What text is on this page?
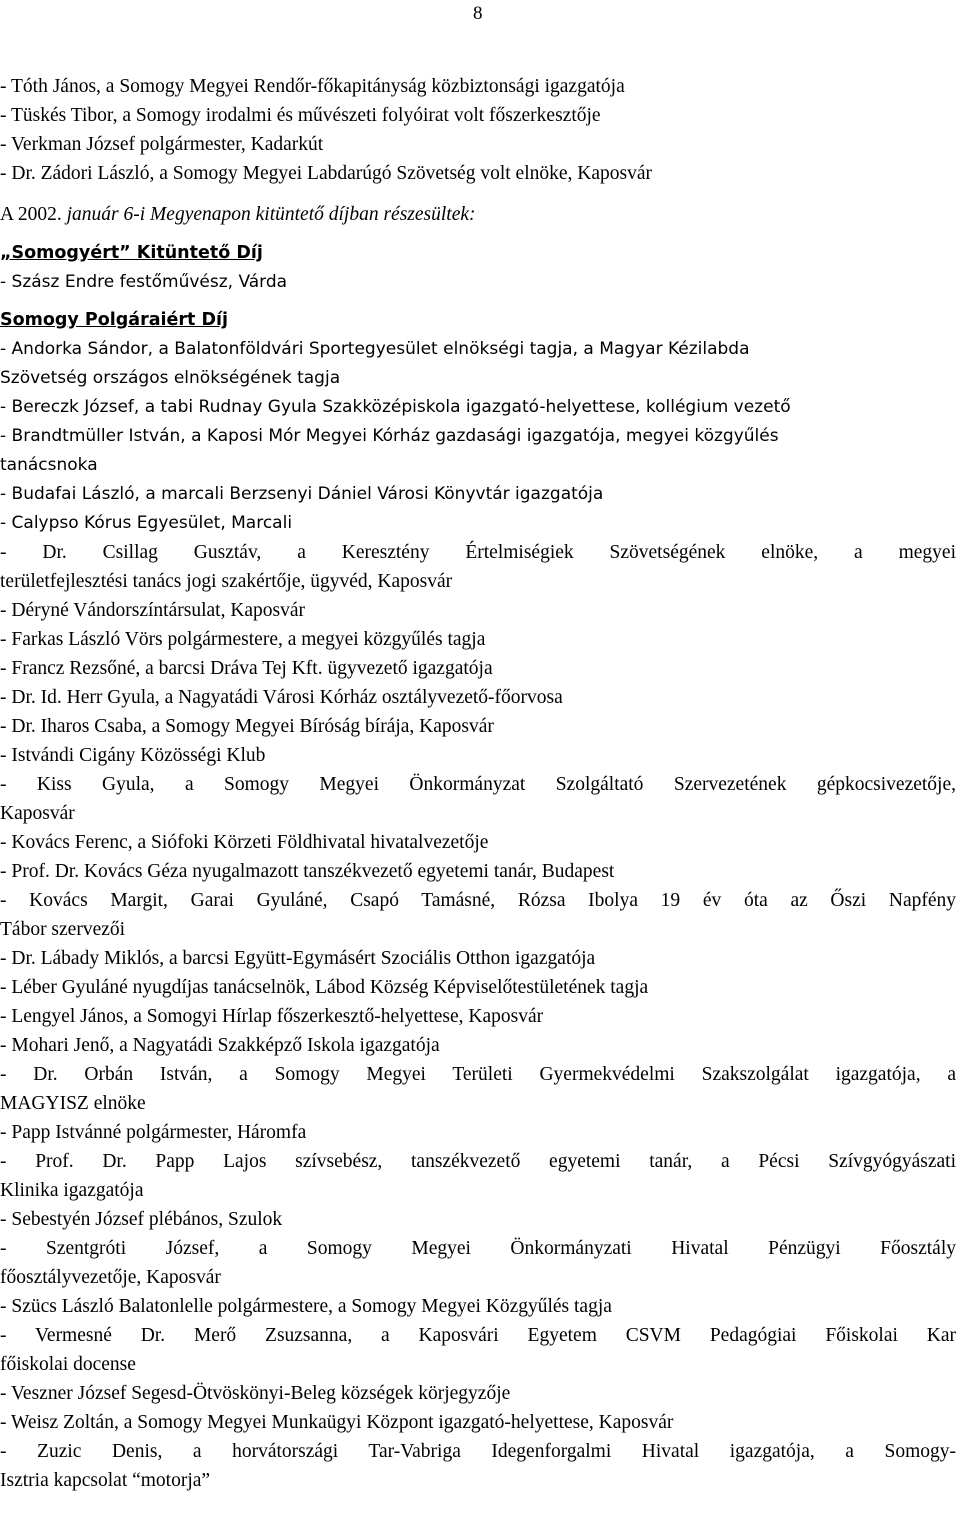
8
- Tóth János, a Somogy Megyei Rendőr-főkapitányság közbiztonsági igazgatója
- Tüskés Tibor, a Somogy irodalmi és művészeti folyóirat volt főszerkesztője
- Verkman József polgármester, Kadarkút
- Dr. Zádori László, a Somogy Megyei Labdarúgó Szövetség volt elnöke, Kaposvár
A 2002. január 6-i Megyenapon kitüntető díjban részesültek:
„Somogyért” Kitüntető Díj
- Szász Endre festőművész, Várda
Somogy Polgáraiért Díj
- Andorka Sándor, a Balatonföldvári Sportegyesület elnökségi tagja, a Magyar Kézilabda
Szövetség országos elnökségének tagja
- Bereczk József, a tabi Rudnay Gyula Szakközépiskola igazgató-helyettese, kollégium vezető
- Brandtmüller István, a Kaposi Mór Megyei Kórház gazdasági igazgatója, megyei közgyűlés
tanácsnoka
- Budafai László, a marcali Berzsenyi Dániel Városi Könyvtár igazgatója
- Calypso Kórus Egyesület, Marcali
- Dr. Csillag Gusztáv, a Keresztény Értelmiségiek Szövetségének elnöke, a megyei
területfejlesztési tanács jogi szakértője, ügyvéd, Kaposvár
- Déryné Vándorszíntársulat, Kaposvár
- Farkas László Vörs polgármestere, a megyei közgyűlés tagja
- Francz Rezsőné, a barcsi Dráva Tej Kft. ügyvezető igazgatója
- Dr. Id. Herr Gyula, a Nagyatádi Városi Kórház osztályvezető-főorvosa
- Dr. Iharos Csaba, a Somogy Megyei Bíróság bírája, Kaposvár
- Istvándi Cigány Közösségi Klub
- Kiss Gyula, a Somogy Megyei Önkormányzat Szolgáltató Szervezetének gépkocsivezetője,
Kaposvár
- Kovács Ferenc, a Siófoki Körzeti Földhivatal hivatalvezetője
- Prof. Dr. Kovács Géza nyugalmazott tanszékvezető egyetemi tanár, Budapest
- Kovács Margit, Garai Gyuláné, Csapó Tamásné, Rózsa Ibolya 19 év óta az Őszi Napfény
Tábor szervezői
- Dr. Lábady Miklós, a barcsi Együtt-Egymásért Szociális Otthon igazgatója
- Léber Gyuláné nyugdíjas tanácselnök, Lábod Község Képviselőtestületének tagja
- Lengyel János, a Somogyi Hírlap főszerkesztő-helyettese, Kaposvár
- Mohari Jenő, a Nagyatádi Szakképző Iskola igazgatója
- Dr. Orbán István, a Somogy Megyei Területi Gyermekvédelmi Szakszolgálat igazgatója, a
MAGYISZ elnöke
- Papp Istvánné polgármester, Háromfa
- Prof. Dr. Papp Lajos szívsebész, tanszékvezető egyetemi tanár, a Pécsi Szívgyógyászati
Klinika igazgatója
- Sebestyén József plébános, Szulok
- Szentgróti József, a Somogy Megyei Önkormányzati Hivatal Pénzügyi Főosztály
főosztályvezetője, Kaposvár
- Szücs László Balatonlelle polgármestere, a Somogy Megyei Közgyűlés tagja
- Vermesné Dr. Merő Zsuzsanna, a Kaposvári Egyetem CSVM Pedagógiai Főiskolai Kar
főiskolai docense
- Veszner József Segesd-Ötvöskönyi-Beleg községek körjegyzője
- Weisz Zoltán, a Somogy Megyei Munkaügyi Központ igazgató-helyettese, Kaposvár
- Zuzic Denis, a horvátországi Tar-Vabriga Idegenforgalmi Hivatal igazgatója, a Somogy-
Isztria kapcsolat “motorja”
